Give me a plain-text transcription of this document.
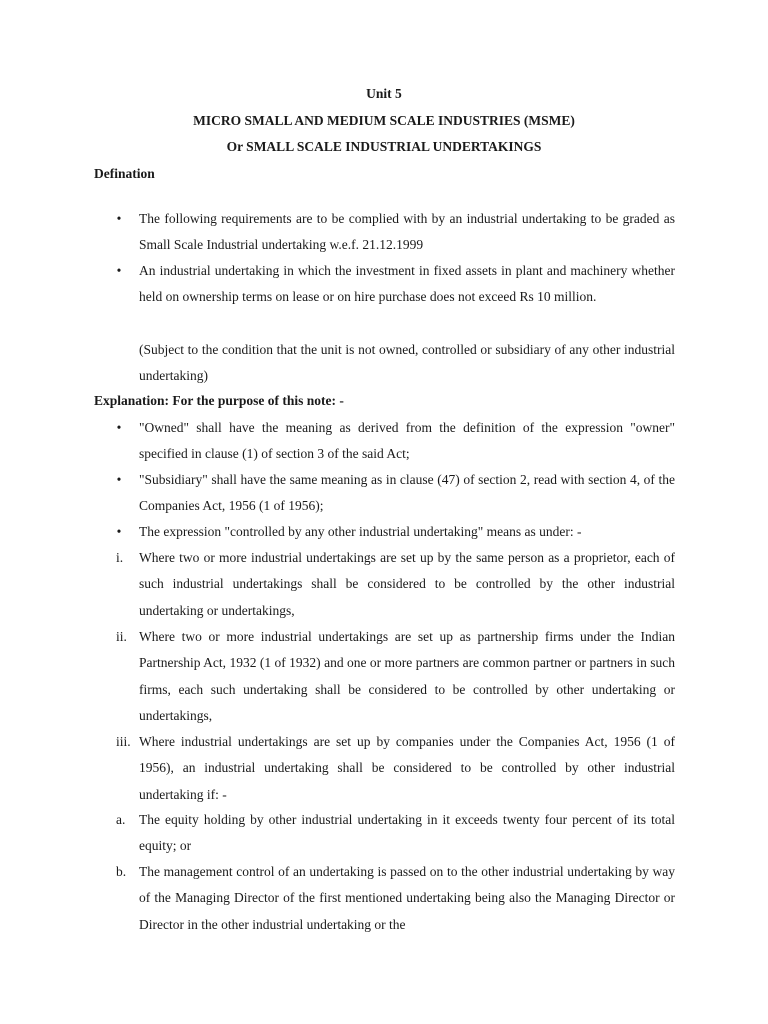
Unit 5
MICRO SMALL AND MEDIUM SCALE INDUSTRIES (MSME)
Or SMALL SCALE INDUSTRIAL UNDERTAKINGS
Defination
•	The following requirements are to be complied with by an industrial undertaking to be graded as Small Scale Industrial undertaking w.e.f. 21.12.1999
•	An industrial undertaking in which the investment in fixed assets in plant and machinery whether held on ownership terms on lease or on hire purchase does not exceed Rs 10 million.
(Subject to the condition that the unit is not owned, controlled or subsidiary of any other industrial undertaking)
Explanation: For the purpose of this note: -
•	"Owned" shall have the meaning as derived from the definition of the expression "owner" specified in clause (1) of section 3 of the said Act;
•	"Subsidiary" shall have the same meaning as in clause (47) of section 2, read with section 4, of the Companies Act, 1956 (1 of 1956);
•	The expression "controlled by any other industrial undertaking" means as under: -
i.	Where two or more industrial undertakings are set up by the same person as a proprietor, each of such industrial undertakings shall be considered to be controlled by the other industrial undertaking or undertakings,
ii. Where two or more industrial undertakings are set up as partnership firms under the Indian Partnership Act, 1932 (1 of 1932) and one or more partners are common partner or partners in such firms, each such undertaking shall be considered to be controlled by other undertaking or undertakings,
iii. Where industrial undertakings are set up by companies under the Companies Act, 1956 (1 of 1956), an industrial undertaking shall be considered to be controlled by other industrial undertaking if: -
a.	The equity holding by other industrial undertaking in it exceeds twenty four percent of its total equity; or
b. The management control of an undertaking is passed on to the other industrial undertaking by way of the Managing Director of the first mentioned undertaking being also the Managing Director or Director in the other industrial undertaking or the
